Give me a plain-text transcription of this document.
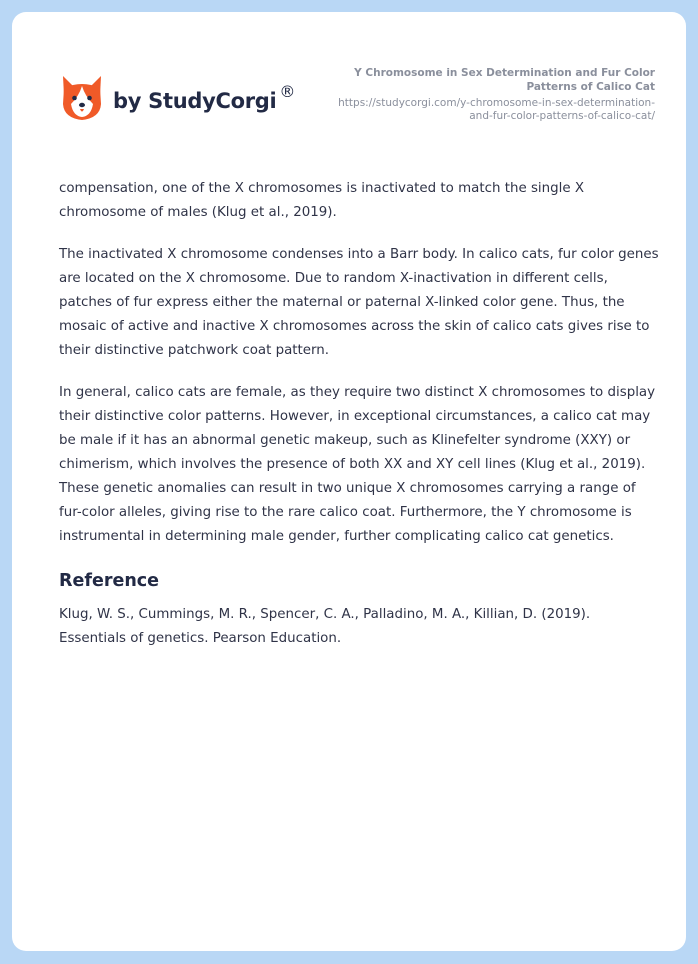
by StudyCorgi ®
Y Chromosome in Sex Determination and Fur Color Patterns of Calico Cat
https://studycorgi.com/y-chromosome-in-sex-determination-and-fur-color-patterns-of-calico-cat/

compensation, one of the X chromosomes is inactivated to match the single X chromosome of males (Klug et al., 2019).

The inactivated X chromosome condenses into a Barr body. In calico cats, fur color genes are located on the X chromosome. Due to random X-inactivation in different cells, patches of fur express either the maternal or paternal X-linked color gene. Thus, the mosaic of active and inactive X chromosomes across the skin of calico cats gives rise to their distinctive patchwork coat pattern.

In general, calico cats are female, as they require two distinct X chromosomes to display their distinctive color patterns. However, in exceptional circumstances, a calico cat may be male if it has an abnormal genetic makeup, such as Klinefelter syndrome (XXY) or chimerism, which involves the presence of both XX and XY cell lines (Klug et al., 2019). These genetic anomalies can result in two unique X chromosomes carrying a range of fur-color alleles, giving rise to the rare calico coat. Furthermore, the Y chromosome is instrumental in determining male gender, further complicating calico cat genetics.

Reference

Klug, W. S., Cummings, M. R., Spencer, C. A., Palladino, M. A., Killian, D. (2019). Essentials of genetics. Pearson Education.
